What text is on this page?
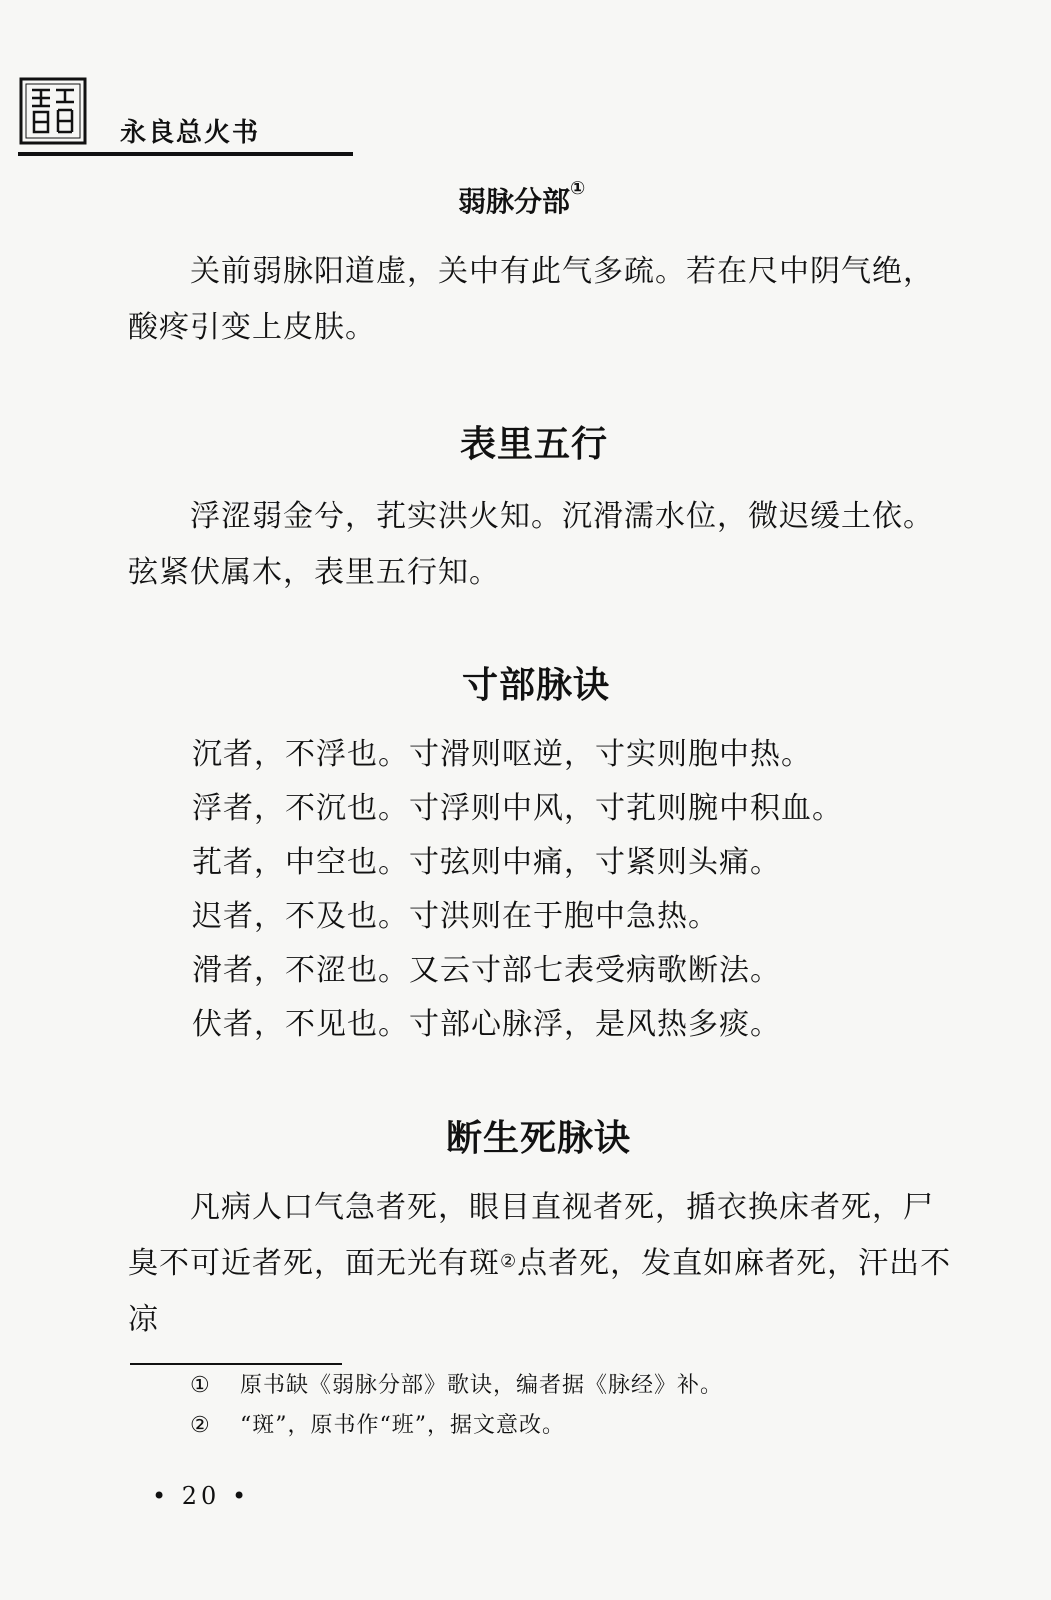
新编	永良总火书
弱脉分部①
关前弱脉阳道虚，关中有此气多疏。若在尺中阴气绝，酸疼引变上皮肤。
表里五行
浮涩弱金兮，芤实洪火知。沉滑濡水位，微迟缓土依。弦紧伏属木，表里五行知。
寸部脉诀
沉者，不浮也。寸滑则呕逆，寸实则胞中热。
浮者，不沉也。寸浮则中风，寸芤则腕中积血。
芤者，中空也。寸弦则中痛，寸紧则头痛。
迟者，不及也。寸洪则在于胞中急热。
滑者，不涩也。又云寸部七表受病歌断法。
伏者，不见也。寸部心脉浮，是风热多痰。
断生死脉诀
凡病人口气急者死，眼目直视者死，揗衣换床者死，尸臭不可近者死，面无光有斑②点者死，发直如麻者死，汗出不凉
① 原书缺《弱脉分部》歌诀，编者据《脉经》补。
② “斑”，原书作“班”，据文意改。
• 20 •
